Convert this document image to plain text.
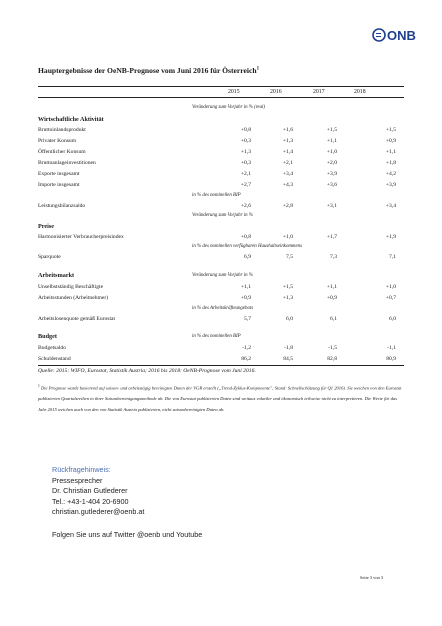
ONB
Hauptergebnisse der OeNB-Prognose vom Juni 2016 für Österreich$^1$
2015	2016	2017	2018
Veränderung zum Vorjahr in % (real)
Wirtschaftliche Aktivität
Bruttoinlandsprodukt	+0,8	+1,6	+1,5	+1,5
Privater Konsum	+0,3	+1,3	+1,1	+0,9
Öffentlicher Konsum	+1,3	+1,4	+1,0	+1,1
Bruttoanlageinvestitionen	+0,3	+2,1	+2,0	+1,8
Exporte insgesamt	+2,1	+3,4	+3,9	+4,2
Importe insgesamt	+2,7	+4,3	+3,6	+3,9
in % des nominellen BIP
Leistungsbilanzsaldo	+2,6	+2,8	+3,1	+3,4
Veränderung zum Vorjahr in %
Preise
Harmonisierter Verbraucherpreisindex	+0,8	+1,0	+1,7	+1,9
in % des nominellen verfügbaren Haushaltseinkommens
Sparquote	6,9	7,5	7,3	7,1
Arbeitsmarkt	Veränderung zum Vorjahr in %
Unselbstständig Beschäftigte	+1,1	+1,5	+1,1	+1,0
Arbeitsstunden (Arbeitnehmer)	+0,9	+1,3	+0,9	+0,7
in % des Arbeitskräfteangebots
Arbeitslosenquote gemäß Eurostat	5,7	6,0	6,1	6,0
Budget	in % des nominellen BIP
Budgetsaldo	-1,2	-1,8	-1,5	-1,1
Schuldenstand	86,2	84,5	82,8	80,9
Quelle: 2015: WIFO, Eurostat, Statistik Austria; 2016 bis 2018: OeNB-Prognose vom Juni 2016.
$^1$ Die Prognose wurde basierend auf saison- und arbeitstägig bereinigten Daten der VGR erstellt („Trend-Zyklus-Komponente"; Stand: Schnellschätzung für Q1 2016). Sie weichen von den Eurostat publizierten Quartalsreihen in ihrer Saisonbereinigungsmethode ab. Die von Eurostat publizierten Daten sind weitaus volatiler und ökonomisch teilweise nicht zu interpretieren. Die Werte für das Jahr 2015 weichen auch von den von Statistik Austria publizierten, nicht saisonbereinigten Daten ab.
Rückfragehinweis:
Pressesprecher
Dr. Christian Gutlederer
Tel.: +43-1-404 20-6900
christian.gutlederer@oenb.at
Folgen Sie uns auf Twitter @oenb und Youtube
Seite 3 von 3
